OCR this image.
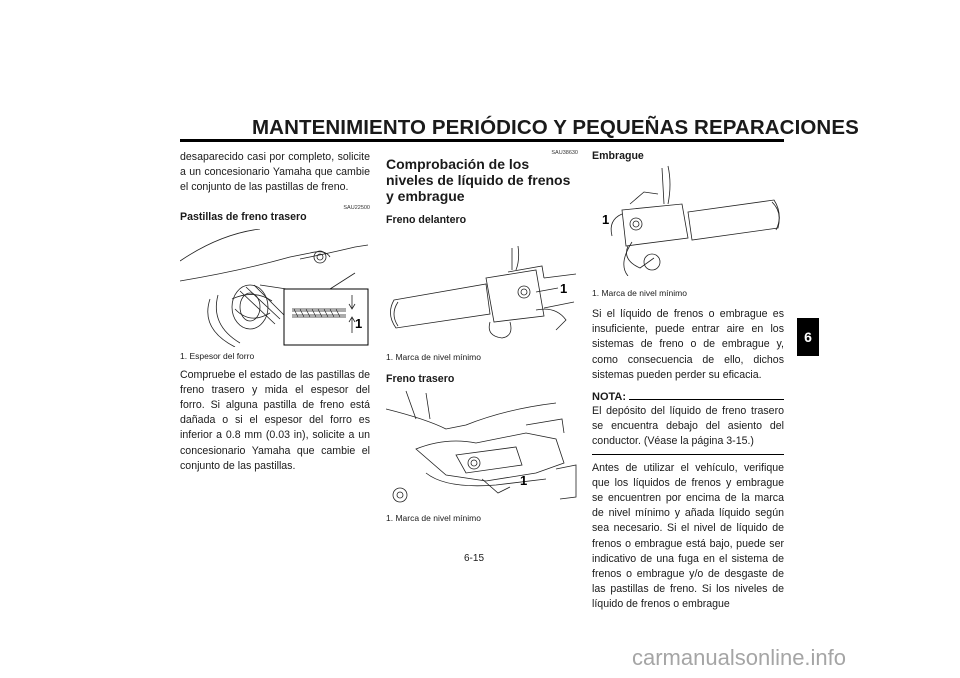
MANTENIMIENTO PERIÓDICO Y PEQUEÑAS REPARACIONES
6

desaparecido casi por completo, solicite a un concesionario Yamaha que cambie el conjunto de las pastillas de freno.

SAU22500

Pastillas de freno trasero

1

1. Espesor del forro

Compruebe el estado de las pastillas de freno trasero y mida el espesor del forro. Si alguna pastilla de freno está dañada o si el espesor del forro es inferior a 0.8 mm (0.03 in), solicite a un concesionario Yamaha que cambie el conjunto de las pastillas.

SAU38630

Comprobación de los niveles de líquido de frenos y embrague

Freno delantero

1

1. Marca de nivel mínimo

Freno trasero

1

1. Marca de nivel mínimo

Embrague

1

1. Marca de nivel mínimo

Si el líquido de frenos o embrague es insuficiente, puede entrar aire en los sistemas de freno o de embrague y, como consecuencia de ello, dichos sistemas pueden perder su eficacia.

NOTA:

El depósito del líquido de freno trasero se encuentra debajo del asiento del conductor. (Véase la página 3-15.)

Antes de utilizar el vehículo, verifique que los líquidos de frenos y embrague se encuentren por encima de la marca de nivel mínimo y añada líquido según sea necesario. Si el nivel de líquido de frenos o embrague está bajo, puede ser indicativo de una fuga en el sistema de frenos o embrague y/o de desgaste de las pastillas de freno. Si los niveles de líquido de frenos o embrague

6-15
carmanualsonline.info
